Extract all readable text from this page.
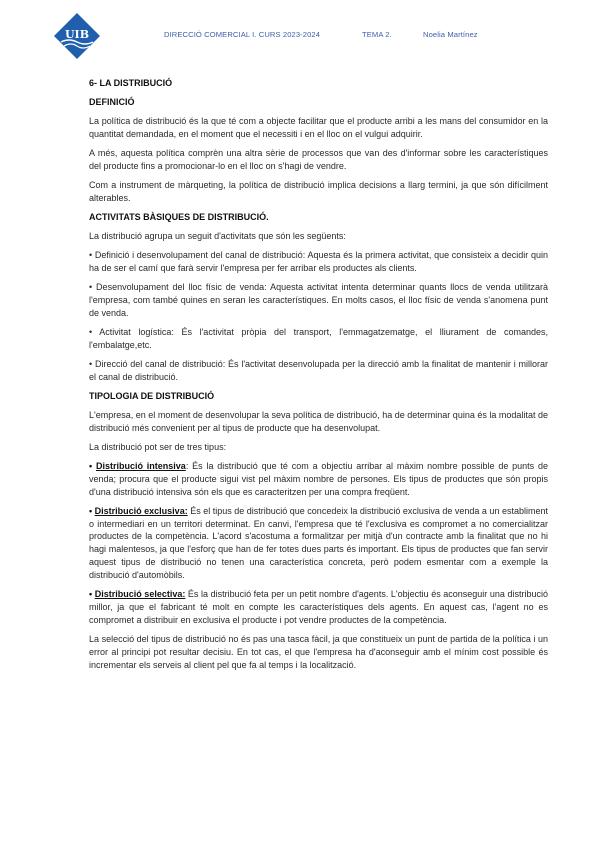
UIB	DIRECCIÓ COMERCIAL I. CURS 2023-2024	TEMA 2.	Noelia Martínez
6- LA DISTRIBUCIÓ
DEFINICIÓ

La política de distribució és la que té com a objecte facilitar que el producte arribi a les mans del consumidor en la quantitat demandada, en el moment que el necessiti i en el lloc on el vulgui adquirir.

A més, aquesta política comprèn una altra sèrie de processos que van des d'informar sobre les característiques del producte fins a promocionar-lo en el lloc on s'hagi de vendre.

Com a instrument de màrqueting, la política de distribució implica decisions a llarg termini, ja que són difícilment alterables.

ACTIVITATS BÀSIQUES DE DISTRIBUCIÓ.

La distribució agrupa un seguit d'activitats que són les següents:

• Definició i desenvolupament del canal de distribució: Aquesta és la primera activitat, que consisteix a decidir quin ha de ser el camí que farà servir l'empresa per fer arribar els productes als clients.

• Desenvolupament del lloc físic de venda: Aquesta activitat intenta determinar quants llocs de venda utilitzarà l'empresa, com també quines en seran les característiques. En molts casos, el lloc físic de venda s'anomena punt de venda.

• Activitat logística: És l'activitat pròpia del transport, l'emmagatzematge, el lliurament de comandes, l'embalatge,etc.

• Direcció del canal de distribució: És l'activitat desenvolupada per la direcció amb la finalitat de mantenir i millorar el canal de distribució.

TIPOLOGIA DE DISTRIBUCIÓ

L'empresa, en el moment de desenvolupar la seva política de distribució, ha de determinar quina és la modalitat de distribució més convenient per al tipus de producte que ha desenvolupat.

La distribució pot ser de tres tipus:

• Distribució intensiva: És la distribució que té com a objectiu arribar al màxim nombre possible de punts de venda; procura que el producte sigui vist pel màxim nombre de persones. Els tipus de productes que són propis d'una distribució intensiva són els que es caracteritzen per una compra freqüent.

• Distribució exclusiva: És el tipus de distribució que concedeix la distribució exclusiva de venda a un establiment o intermediari en un territori determinat. En canvi, l'empresa que té l'exclusiva es compromet a no comercialitzar productes de la competència. L'acord s'acostuma a formalitzar per mitjà d'un contracte amb la finalitat que no hi hagi malentesos, ja que l'esforç que han de fer totes dues parts és important. Els tipus de productes que fan servir aquest tipus de distribució no tenen una característica concreta, però podem esmentar com a exemple la distribució d'automòbils.

• Distribució selectiva: És la distribució feta per un petit nombre d'agents. L'objectiu és aconseguir una distribució millor, ja que el fabricant té molt en compte les característiques dels agents. En aquest cas, l'agent no es compromet a distribuir en exclusiva el producte i pot vendre productes de la competència.

La selecció del tipus de distribució no és pas una tasca fàcil, ja que constitueix un punt de partida de la política i un error al principi pot resultar decisiu. En tot cas, el que l'empresa ha d'aconseguir amb el mínim cost possible és incrementar els serveis al client pel que fa al temps i la localització.
